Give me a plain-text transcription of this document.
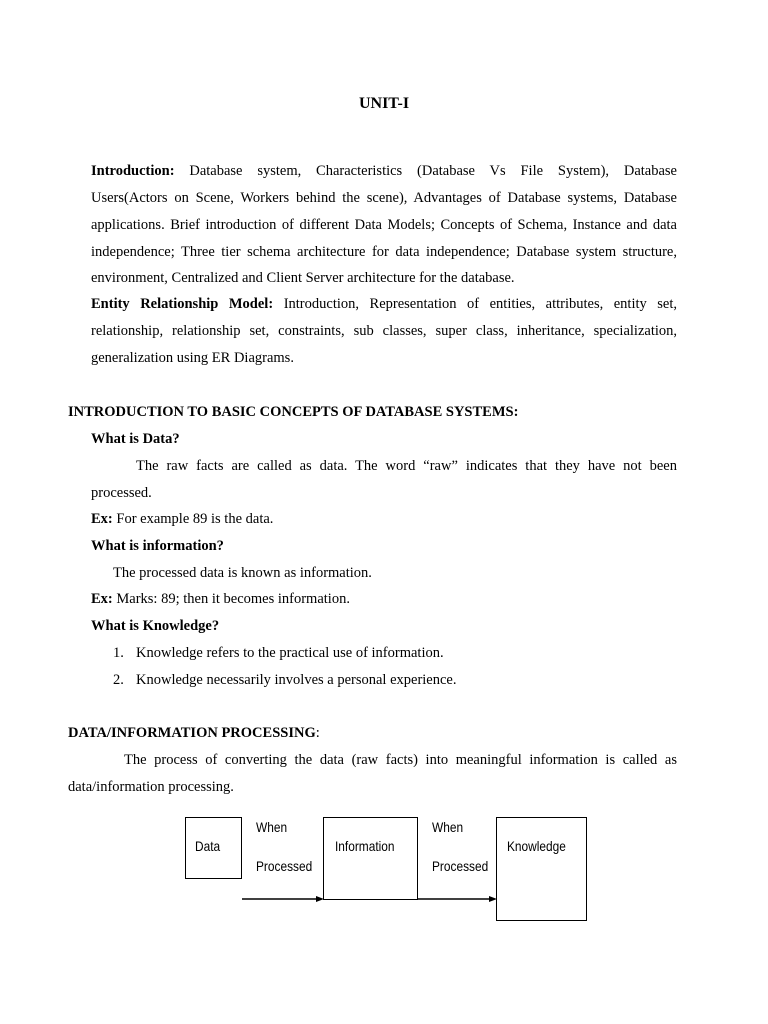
UNIT-I
Introduction: Database system, Characteristics (Database Vs File System), Database
Users(Actors on Scene, Workers behind the scene), Advantages of Database systems, Database
applications. Brief introduction of different Data Models; Concepts of Schema, Instance and data
independence; Three tier schema architecture for data independence; Database system structure,
environment, Centralized and Client Server architecture for the database.
Entity Relationship Model: Introduction, Representation of entities, attributes, entity set,
relationship, relationship set, constraints, sub classes, super class, inheritance, specialization,
generalization using ER Diagrams.
INTRODUCTION TO BASIC CONCEPTS OF DATABASE SYSTEMS:
What is Data?
The raw facts are called as data. The word “raw” indicates that they have not been
processed.
Ex: For example 89 is the data.
What is information?
The processed data is known as information.
Ex: Marks: 89; then it becomes information.
What is Knowledge?
1. Knowledge refers to the practical use of information.
2. Knowledge necessarily involves a personal experience.
DATA/INFORMATION PROCESSING:
The process of converting the data (raw facts) into meaningful information is called as
data/information processing.
Data
When
Processed
Information
When
Processed
Knowledge
